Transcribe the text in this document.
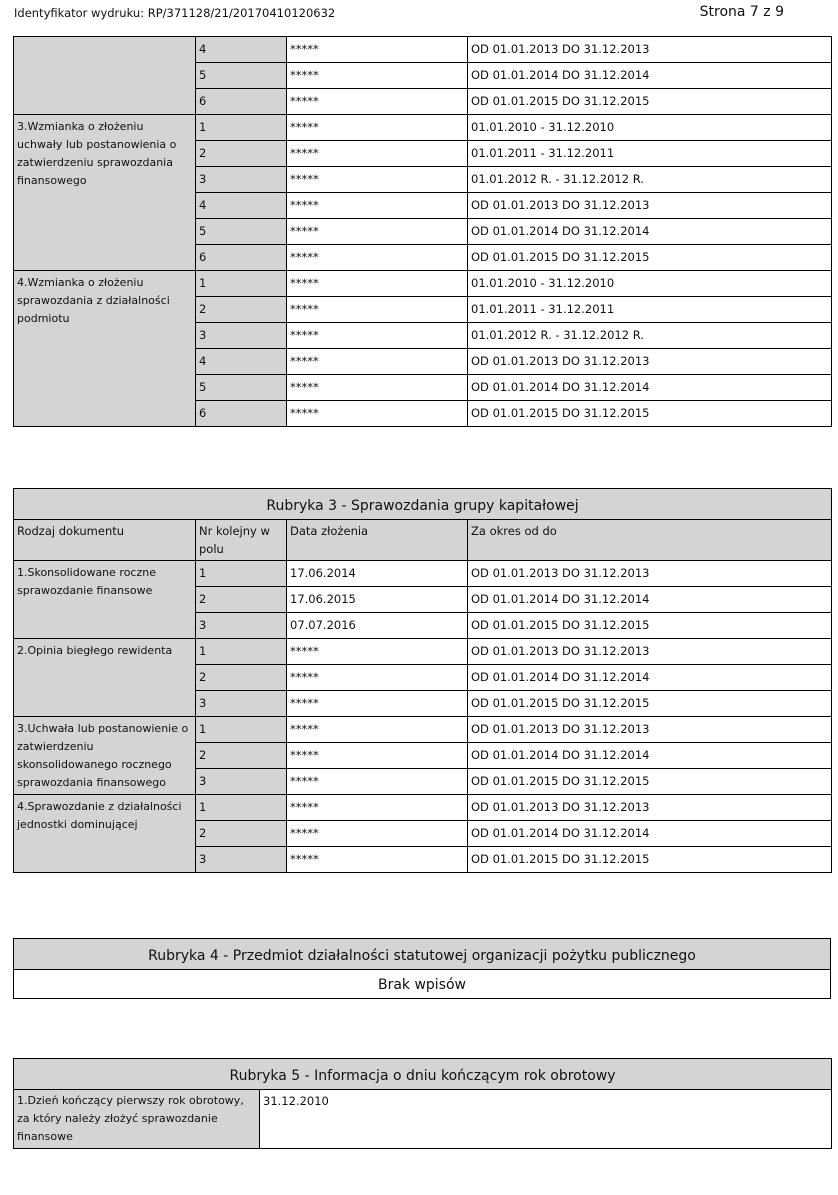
Identyfikator wydruku: RP/371128/21/20170410120632	Strona 7 z 9
	4	*****	OD 01.01.2013 DO 31.12.2013
	5	*****	OD 01.01.2014 DO 31.12.2014
	6	*****	OD 01.01.2015 DO 31.12.2015
3.Wzmianka o złożeniu uchwały lub postanowienia o zatwierdzeniu sprawozdania finansowego	1	*****	01.01.2010 - 31.12.2010
	2	*****	01.01.2011 - 31.12.2011
	3	*****	01.01.2012 R. - 31.12.2012 R.
	4	*****	OD 01.01.2013 DO 31.12.2013
	5	*****	OD 01.01.2014 DO 31.12.2014
	6	*****	OD 01.01.2015 DO 31.12.2015
4.Wzmianka o złożeniu sprawozdania z działalności podmiotu	1	*****	01.01.2010 - 31.12.2010
	2	*****	01.01.2011 - 31.12.2011
	3	*****	01.01.2012 R. - 31.12.2012 R.
	4	*****	OD 01.01.2013 DO 31.12.2013
	5	*****	OD 01.01.2014 DO 31.12.2014
	6	*****	OD 01.01.2015 DO 31.12.2015
Rubryka 3 - Sprawozdania grupy kapitałowej			
Rodzaj dokumentu	Nr kolejny w polu	Data złożenia	Za okres od do
1.Skonsolidowane roczne sprawozdanie finansowe	1	17.06.2014	OD 01.01.2013 DO 31.12.2013
	2	17.06.2015	OD 01.01.2014 DO 31.12.2014
	3	07.07.2016	OD 01.01.2015 DO 31.12.2015
2.Opinia biegłego rewidenta	1	*****	OD 01.01.2013 DO 31.12.2013
	2	*****	OD 01.01.2014 DO 31.12.2014
	3	*****	OD 01.01.2015 DO 31.12.2015
3.Uchwała lub postanowienie o zatwierdzeniu skonsolidowanego rocznego sprawozdania finansowego	1	*****	OD 01.01.2013 DO 31.12.2013
	2	*****	OD 01.01.2014 DO 31.12.2014
	3	*****	OD 01.01.2015 DO 31.12.2015
4.Sprawozdanie z działalności jednostki dominującej	1	*****	OD 01.01.2013 DO 31.12.2013
	2	*****	OD 01.01.2014 DO 31.12.2014
	3	*****	OD 01.01.2015 DO 31.12.2015
Rubryka 4 - Przedmiot działalności statutowej organizacji pożytku publicznego
Brak wpisów
Rubryka 5 - Informacja o dniu kończącym rok obrotowy
1.Dzień kończący pierwszy rok obrotowy, za który należy złożyć sprawozdanie finansowe	31.12.2010
